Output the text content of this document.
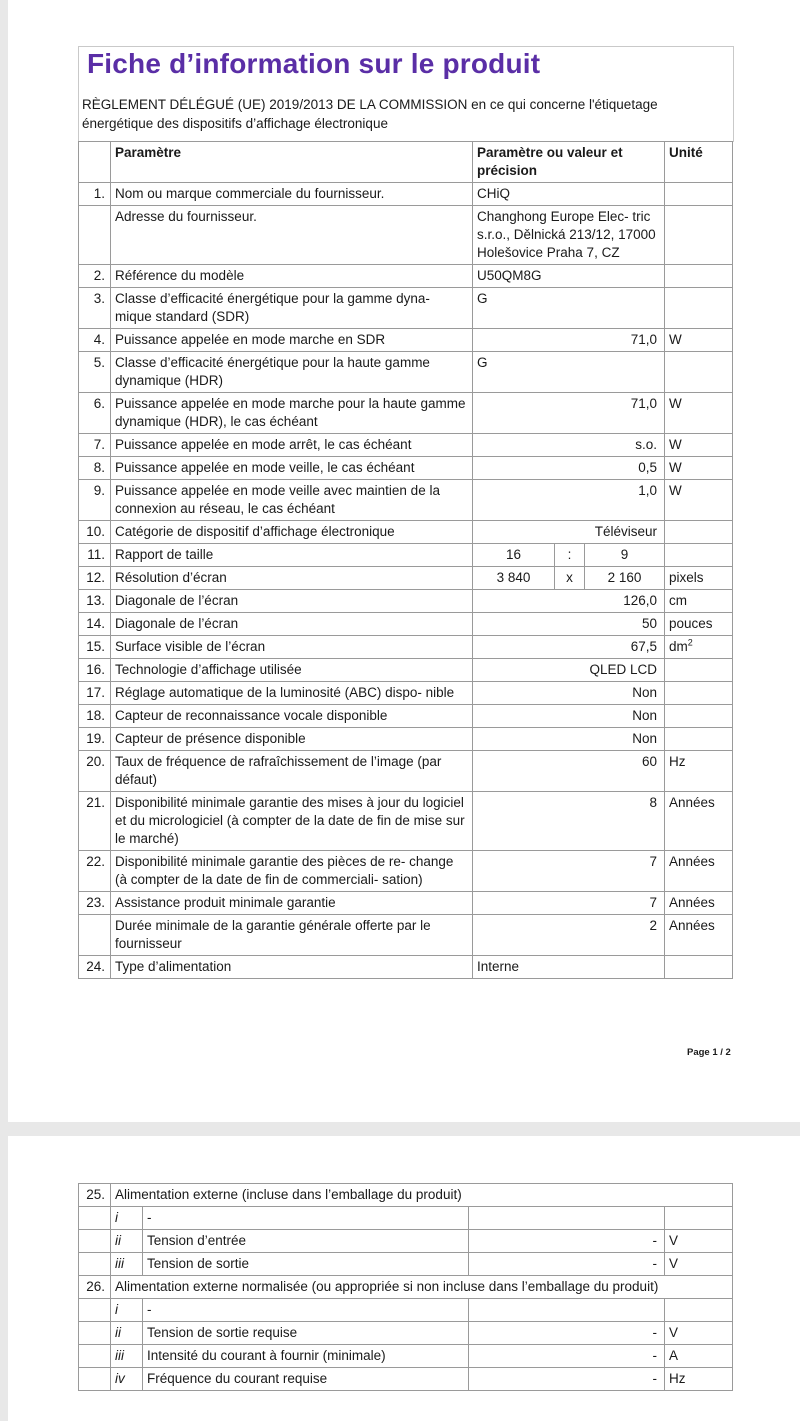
Fiche d’information sur le produit
RÈGLEMENT DÉLÉGUÉ (UE) 2019/2013 DE LA COMMISSION en ce qui concerne l'étiquetage énergétique des dispositifs d’affichage électronique
	Paramètre	Paramètre ou valeur et précision			Unité
1.	Nom ou marque commerciale du fournisseur.	CHiQ			
	Adresse du fournisseur.	Changhong Europe Elec- tric s.r.o., Dělnická 213/12, 17000 Holešovice Praha 7, CZ			
2.	Référence du modèle	U50QM8G			
3.	Classe d’efficacité énergétique pour la gamme dyna- mique standard (SDR)	G			
4.	Puissance appelée en mode marche en SDR	71,0			W
5.	Classe d’efficacité énergétique pour la haute gamme dynamique (HDR)	G			
6.	Puissance appelée en mode marche pour la haute gamme dynamique (HDR), le cas échéant	71,0			W
7.	Puissance appelée en mode arrêt, le cas échéant	s.o.			W
8.	Puissance appelée en mode veille, le cas échéant	0,5			W
9.	Puissance appelée en mode veille avec maintien de la connexion au réseau, le cas échéant	1,0			W
10.	Catégorie de dispositif d’affichage électronique	Téléviseur			
11.	Rapport de taille	16	:	9	
12.	Résolution d’écran	3 840	x	2 160	pixels
13.	Diagonale de l’écran	126,0			cm
14.	Diagonale de l’écran	50			pouces
15.	Surface visible de l’écran	67,5			$dm^2$
16.	Technologie d’affichage utilisée	QLED LCD			
17.	Réglage automatique de la luminosité (ABC) dispo- nible	Non			
18.	Capteur de reconnaissance vocale disponible	Non			
19.	Capteur de présence disponible	Non			
20.	Taux de fréquence de rafraîchissement de l’image (par défaut)	60			Hz
21.	Disponibilité minimale garantie des mises à jour du logiciel et du micrologiciel (à compter de la date de fin de mise sur le marché)	8			Années
22.	Disponibilité minimale garantie des pièces de re- change (à compter de la date de fin de commerciali- sation)	7			Années
23.	Assistance produit minimale garantie	7			Années
	Durée minimale de la garantie générale offerte par le fournisseur	2			Années
24.	Type d’alimentation	Interne			
Page 1 / 2
25.	Alimentation externe (incluse dans l’emballage du produit)			
	i	-		
	ii	Tension d’entrée	-	V
	iii	Tension de sortie	-	V
26.	Alimentation externe normalisée (ou appropriée si non incluse dans l’emballage du produit)			
	i	-		
	ii	Tension de sortie requise	-	V
	iii	Intensité du courant à fournir (minimale)	-	A
	iv	Fréquence du courant requise	-	Hz
